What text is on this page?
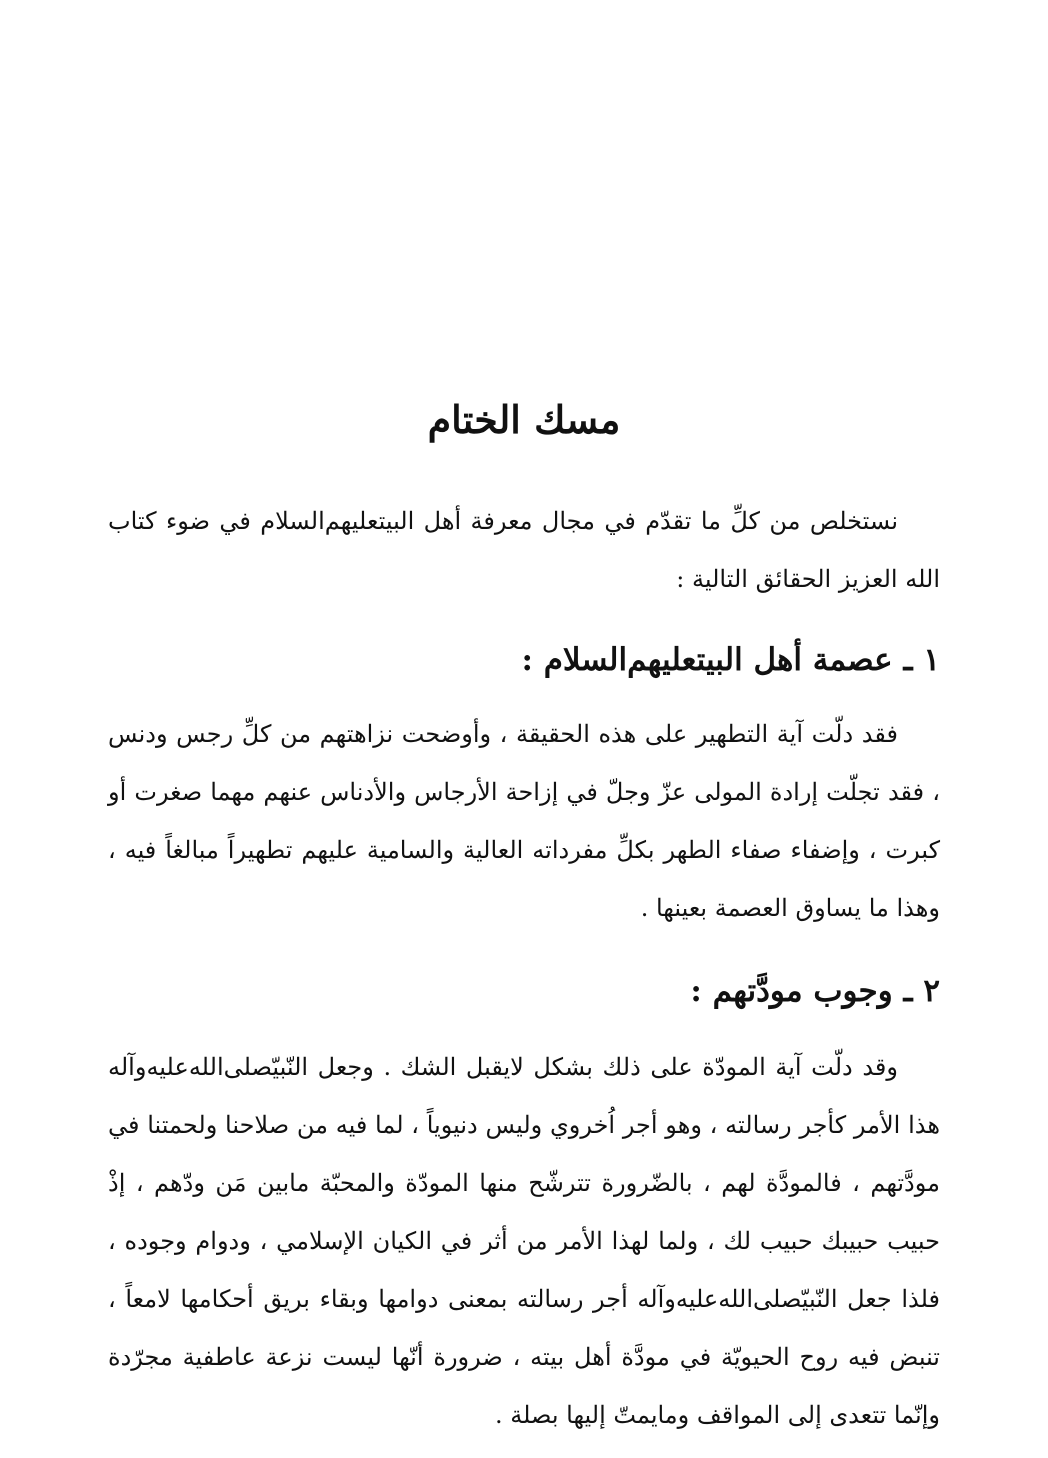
مسك الختام

نستخلص من كلِّ ما تقدّم في مجال معرفة أهل البيتعليهم‌السلام في ضوء كتاب الله العزيز الحقائق التالية :

١ ـ عصمة أهل البيتعليهم‌السلام :

فقد دلّت آية التطهير على هذه الحقيقة ، وأوضحت نزاهتهم من كلِّ رجس ودنس ، فقد تجلّت إرادة المولى عزّ وجلّ في إزاحة الأرجاس والأدناس عنهم مهما صغرت أو كبرت ، وإضفاء صفاء الطهر بكلِّ مفرداته العالية والسامية عليهم تطهيراً مبالغاً فيه ، وهذا ما يساوق العصمة بعينها .

٢ ـ وجوب مودَّتهم :

وقد دلّت آية المودّة على ذلك بشكل لايقبل الشك . وجعل النّبيّصلى‌الله‌عليه‌وآله هذا الأمر كأجر رسالته ، وهو أجر اُخروي وليس دنيوياً ، لما فيه من صلاحنا ولحمتنا في مودَّتهم ، فالمودَّة لهم ، بالضّرورة تترشّح منها المودّة والمحبّة مابين مَن ودّهم ، إذْ حبيب حبيبك حبيب لك ، ولما لهذا الأمر من أثر في الكيان الإسلامي ، ودوام وجوده ، فلذا جعل النّبيّصلى‌الله‌عليه‌وآله أجر رسالته بمعنى دوامها وبقاء بريق أحكامها لامعاً ، تنبض فيه روح الحيويّة في مودَّة أهل بيته ، ضرورة أنّها ليست نزعة عاطفية مجرّدة وإنّما تتعدى إلى المواقف ومايمتّ إليها بصلة .
